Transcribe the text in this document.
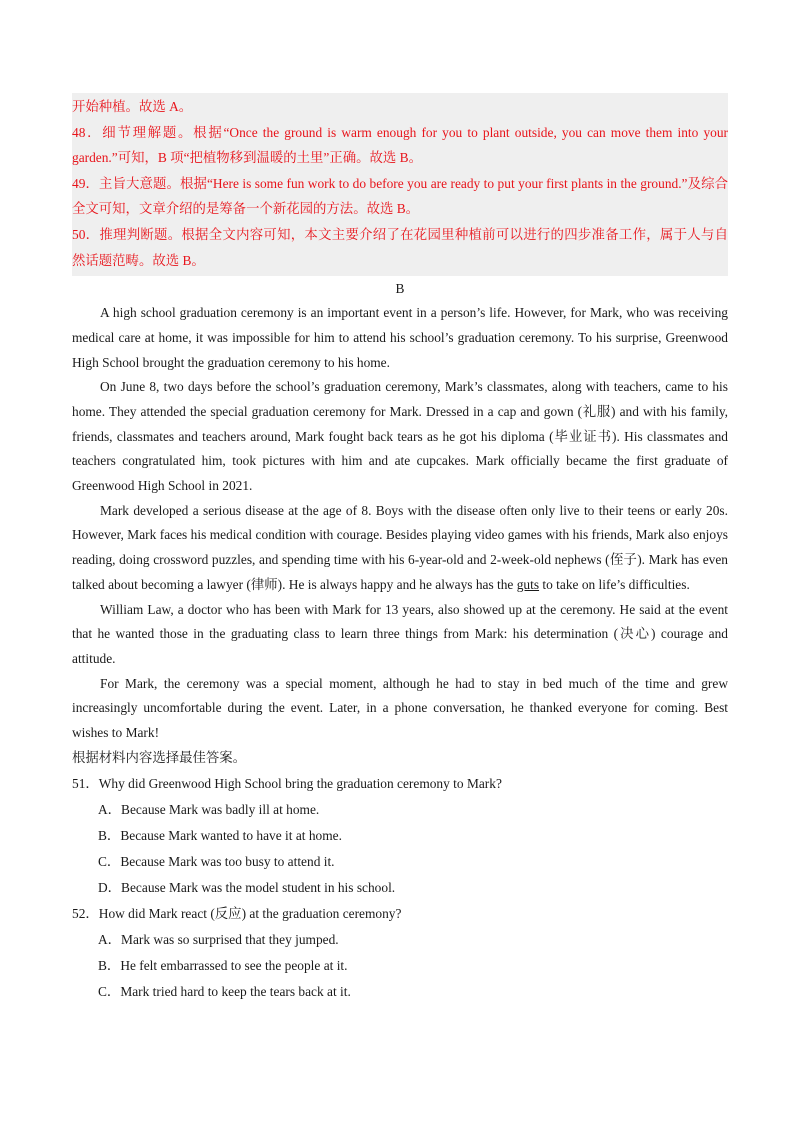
开始种植。故选 A。

48．细节理解题。根据“Once the ground is warm enough for you to plant outside, you can move them into your garden.”可知，B 项“把植物移到温暖的土里”正确。故选 B。

49．主旨大意题。根据“Here is some fun work to do before you are ready to put your first plants in the ground.”及综合全文可知，文章介绍的是筹备一个新花园的方法。故选 B。

50．推理判断题。根据全文内容可知，本文主要介绍了在花园里种植前可以进行的四步准备工作，属于人与自然话题范畴。故选 B。

B

A high school graduation ceremony is an important event in a person’s life. However, for Mark, who was receiving medical care at home, it was impossible for him to attend his school’s graduation ceremony. To his surprise, Greenwood High School brought the graduation ceremony to his home.

On June 8, two days before the school’s graduation ceremony, Mark’s classmates, along with teachers, came to his home. They attended the special graduation ceremony for Mark. Dressed in a cap and gown (礼服) and with his family, friends, classmates and teachers around, Mark fought back tears as he got his diploma (毕业证书). His classmates and teachers congratulated him, took pictures with him and ate cupcakes. Mark officially became the first graduate of Greenwood High School in 2021.

Mark developed a serious disease at the age of 8. Boys with the disease often only live to their teens or early 20s. However, Mark faces his medical condition with courage. Besides playing video games with his friends, Mark also enjoys reading, doing crossword puzzles, and spending time with his 6-year-old and 2-week-old nephews (侄子). Mark has even talked about becoming a lawyer (律师). He is always happy and he always has the guts to take on life’s difficulties.

William Law, a doctor who has been with Mark for 13 years, also showed up at the ceremony. He said at the event that he wanted those in the graduating class to learn three things from Mark: his determination (决心) courage and attitude.

For Mark, the ceremony was a special moment, although he had to stay in bed much of the time and grew increasingly uncomfortable during the event. Later, in a phone conversation, he thanked everyone for coming. Best wishes to Mark!

根据材料内容选择最佳答案。

51．Why did Greenwood High School bring the graduation ceremony to Mark?

A．Because Mark was badly ill at home.

B．Because Mark wanted to have it at home.

C．Because Mark was too busy to attend it.

D．Because Mark was the model student in his school.

52．How did Mark react (反应) at the graduation ceremony?

A．Mark was so surprised that they jumped.

B．He felt embarrassed to see the people at it.

C．Mark tried hard to keep the tears back at it.
